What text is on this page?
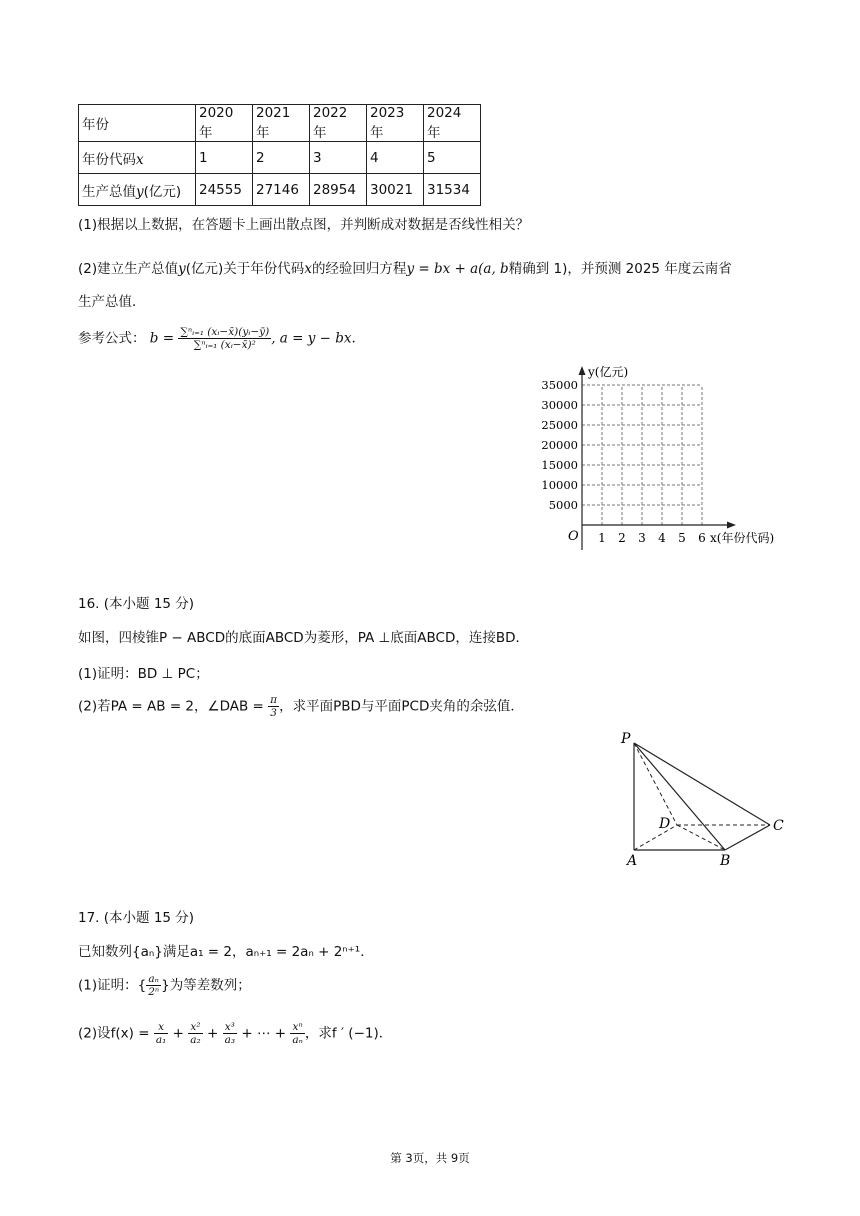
年份	2020 年	2021 年	2022 年	2023 年	2024 年
年份代码x	1	2	3	4	5
生产总值y(亿元)	24555	27146	28954	30021	31534
(1)根据以上数据，在答题卡上画出散点图，并判断成对数据是否线性相关？
(2)建立生产总值y(亿元)关于年份代码x的经验回归方程y = bx + a(a, b精确到 1)，并预测 2025 年度云南省
生产总值．
参考公式： $b = \frac{\text{∑ⁿᵢ₌₁ (xᵢ−x̄)(yᵢ−ȳ)}}{\text{∑ⁿᵢ₌₁ (xᵢ−x̄)²}}$ , a = y − bx.
5000
10000
15000
20000
25000
30000
35000
1 2 3 4 5 6
O
y(亿元)
x(年份代码)
16. (本小题 15 分)
如图，四棱锥P − ABCD的底面ABCD为菱形，PA ⊥底面ABCD，连接BD．
(1)证明：BD ⊥ PC；
(2)若PA = AB = 2，∠DAB = $\frac{\pi}{3}$ ，求平面PBD与平面PCD夹角的余弦值．
P
A	B
C
D
17. (本小题 15 分)
已知数列{aₙ}满足a₁ = 2，aₙ₊₁ = 2aₙ + 2ⁿ⁺¹．
(1)证明：{ $\frac{\text{aₙ}}{\text{2ⁿ}}$ }为等差数列；
(2)设$f(x) = \frac{x}{\text{a₁}} + \frac{\text{x²}}{\text{a₂}} + \frac{\text{x³}}{\text{a₃}}$ + ⋯ + $\frac{\text{xⁿ}}{\text{aₙ}}$ ，求f ′ (−1)．
第 3页，共 9页
